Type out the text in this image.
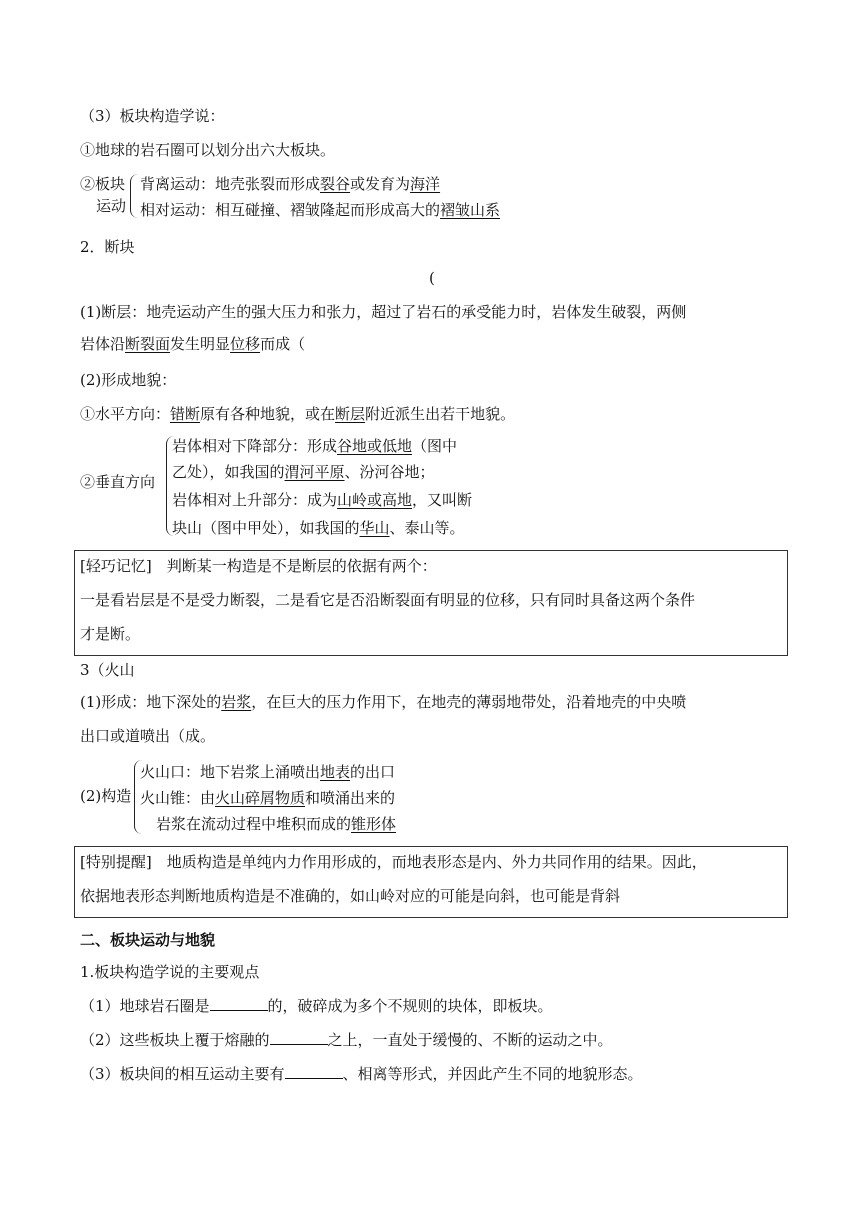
（3）板块构造学说：
①地球的岩石圈可以划分出六大板块。
②板块
运动
背离运动：地壳张裂而形成裂谷或发育为海洋
相对运动：相互碰撞、褶皱隆起而形成高大的褶皱山系
2．断块
(
(1)断层：地壳运动产生的强大压力和张力，超过了岩石的承受能力时，岩体发生破裂，两侧
岩体沿断裂面发生明显位移而成（
(2)形成地貌：
①水平方向：错断原有各种地貌，或在断层附近派生出若干地貌。
②垂直方向
岩体相对下降部分：形成谷地或低地（图中
乙处），如我国的渭河平原、汾河谷地；
岩体相对上升部分：成为山岭或高地，又叫断
块山（图中甲处），如我国的华山、泰山等。
[轻巧记忆]　判断某一构造是不是断层的依据有两个：
一是看岩层是不是受力断裂，二是看它是否沿断裂面有明显的位移，只有同时具备这两个条件
才是断。
3（火山
(1)形成：地下深处的岩浆，在巨大的压力作用下，在地壳的薄弱地带处，沿着地壳的中央喷
出口或道喷出（成。
(2)构造
火山口：地下岩浆上涌喷出地表的出口
火山锥：由火山碎屑物质和喷涌出来的
岩浆在流动过程中堆积而成的锥形体
[特别提醒]　地质构造是单纯内力作用形成的，而地表形态是内、外力共同作用的结果。因此，
依据地表形态判断地质构造是不准确的，如山岭对应的可能是向斜，也可能是背斜
二、板块运动与地貌
1.板块构造学说的主要观点
（1）地球岩石圈是	的，破碎成为多个不规则的块体，即板块。
（2）这些板块上覆于熔融的	之上，一直处于缓慢的、不断的运动之中。
（3）板块间的相互运动主要有	、相离等形式，并因此产生不同的地貌形态。
